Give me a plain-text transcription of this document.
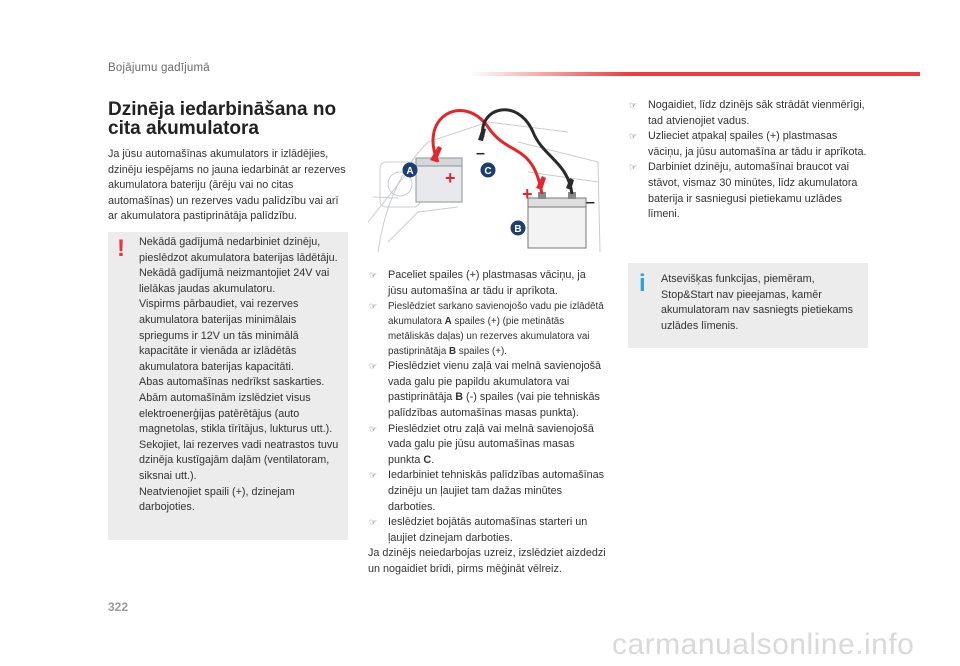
Bojājumu gadījumā
Dzinēja iedarbināšana no cita akumulatora

Ja jūsu automašīnas akumulators ir izlādējies, dzinēju iespējams no jauna iedarbināt ar rezerves akumulatora bateriju (ārēju vai no citas automašīnas) un rezerves vadu palīdzību vai arī ar akumulatora pastiprinātāja palīdzību.

! Nekādā gadījumā nedarbiniet dzinēju, pieslēdzot akumulatora baterijas lādētāju.
Nekādā gadījumā neizmantojiet 24V vai lielākas jaudas akumulatoru.
Vispirms pārbaudiet, vai rezerves akumulatora baterijas minimālais spriegums ir 12V un tās minimālā kapacitāte ir vienāda ar izlādētās akumulatora baterijas kapacitāti.
Abas automašīnas nedrīkst saskarties.
Abām automašīnām izslēdziet visus elektroenerģijas patērētājus (auto magnetolas, stikla tīrītājus, lukturus utt.).
Sekojiet, lai rezerves vadi neatrastos tuvu dzinēja kustīgajām daļām (ventilatoram, siksnai utt.).
Neatvienojiet spaili (+), dzinejam darbojoties.

+
–
+	–
A
B
C

☞ Paceliet spailes (+) plastmasas vāciņu, ja jūsu automašīna ar tādu ir aprīkota.

☞ Pieslēdziet sarkano savienojošo vadu pie izlādētā akumulatora A spailes (+) (pie metinātās metāliskās daļas) un rezerves akumulatora vai pastiprinātāja B spailes (+).

☞ Pieslēdziet vienu zaļā vai melnā savienojošā vada galu pie papildu akumulatora vai pastiprinātāja B (-) spailes (vai pie tehniskās palīdzības automašīnas masas punkta).

☞ Pieslēdziet otru zaļā vai melnā savienojošā vada galu pie jūsu automašīnas masas punkta C.

☞ Iedarbiniet tehniskās palīdzības automašīnas dzinēju un ļaujiet tam dažas minūtes darboties.

☞ Ieslēdziet bojātās automašīnas starteri un ļaujiet dzinejam darboties.

Ja dzinējs neiedarbojas uzreiz, izslēdziet aizdedzi un nogaidiet brīdi, pirms mēģināt vēlreiz.

☞ Nogaidiet, līdz dzinējs sāk strādāt vienmērīgi, tad atvienojiet vadus.

☞ Uzlieciet atpakaļ spailes (+) plastmasas vāciņu, ja jūsu automašīna ar tādu ir aprīkota.

☞ Darbiniet dzinēju, automašīnai braucot vai stāvot, vismaz 30 minūtes, līdz akumulatora baterija ir sasniegusi pietiekamu uzlādes līmeni.

i Atsevišķas funkcijas, piemēram, Stop&Start nav pieejamas, kamēr akumulatoram nav sasniegts pietiekams uzlādes līmenis.

322
carmanualsonline.info
